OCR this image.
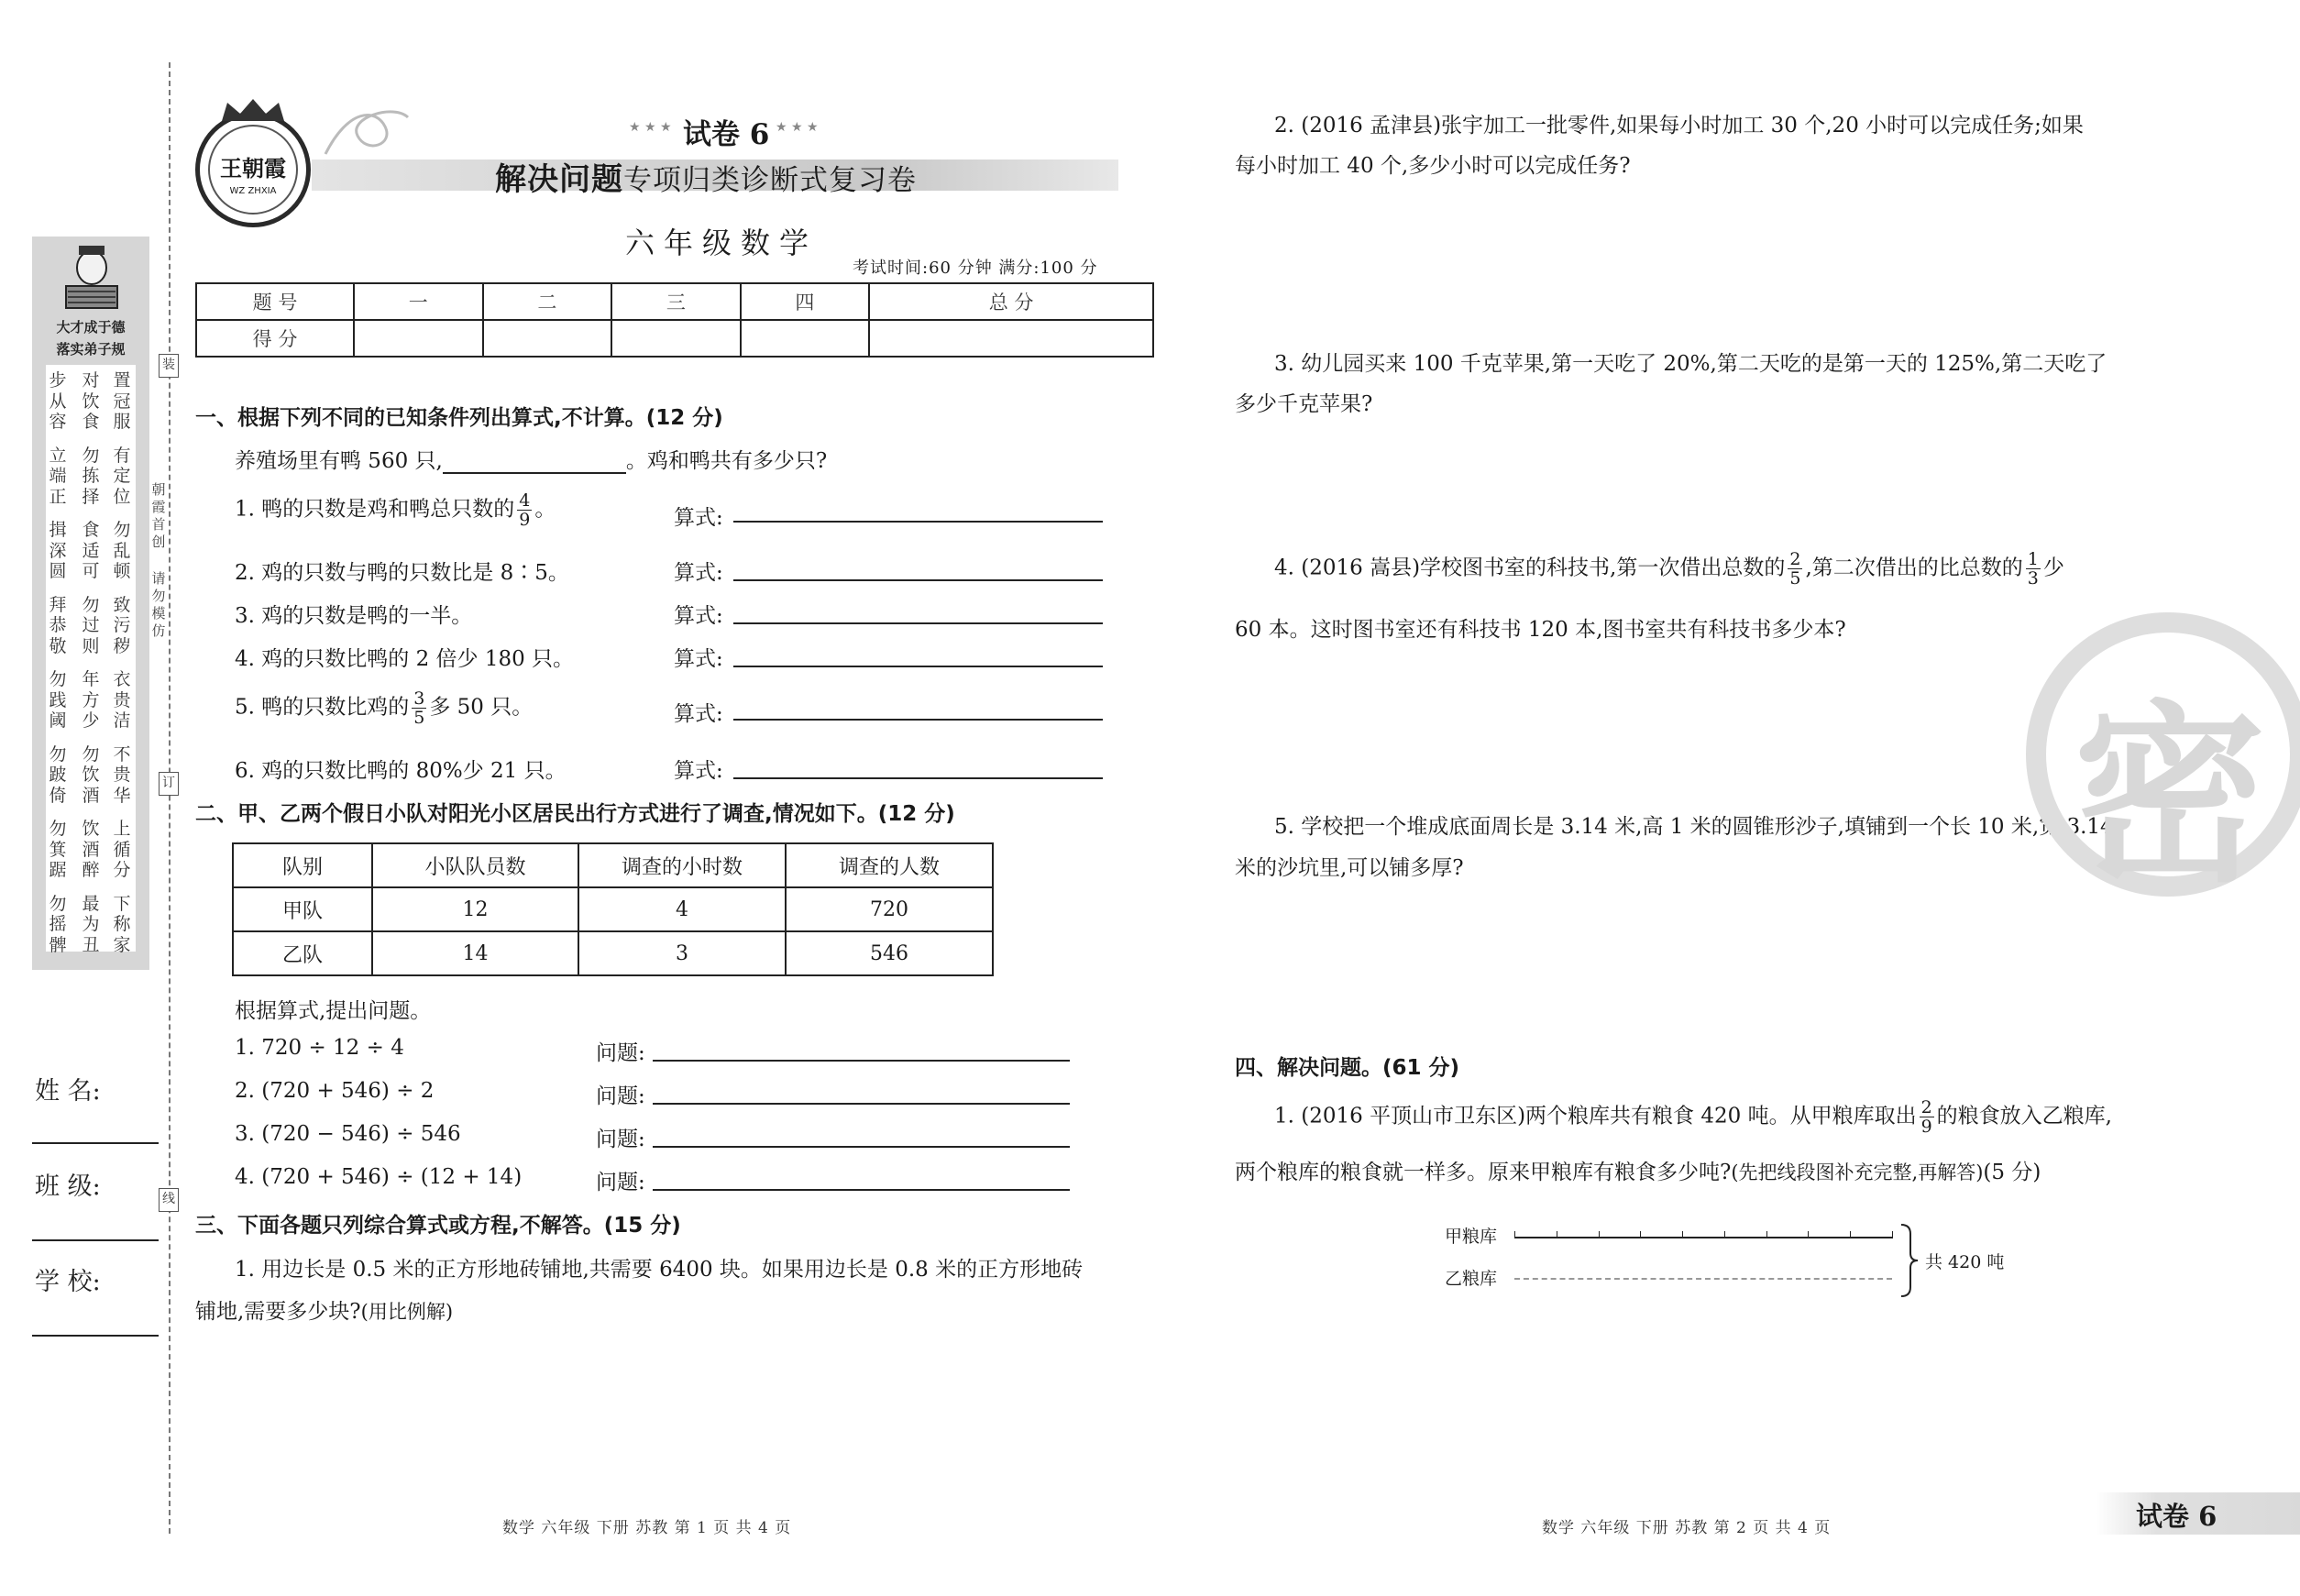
大才成于德
落实弟子规
步从容
立端正
揖深圆
拜恭敬
勿践阈
勿跛倚
勿箕踞
勿摇髀
对饮食
勿拣择
食适可
勿过则
年方少
勿饮酒
饮酒醉
最为丑
置冠服
有定位
勿乱顿
致污秽
衣贵洁
不贵华
上循分
下称家
装
朝霞首创
请勿模仿
订
线
姓 名:
班 级:
学 校:
王朝霞
WZ ZHXIA
★ ★ ★ 试卷 6 ★ ★ ★
解决问题专项归类诊断式复习卷
六年级数学
考试时间:60 分钟 满分:100 分
题 号	一	二	三	四	总 分
得 分					
一、根据下列不同的已知条件列出算式,不计算。(12 分)
养殖场里有鸭 560 只,	。鸡和鸭共有多少只?
1. 鸭的只数是鸡和鸭总只数的 $\frac{4}{9}$ 。
2. 鸡的只数与鸭的只数比是 8∶5。
3. 鸡的只数是鸭的一半。
4. 鸡的只数比鸭的 2 倍少 180 只。
5. 鸭的只数比鸡的 $\frac{3}{5}$ 多 50 只。
6. 鸡的只数比鸭的 80%少 21 只。
算式:
算式:
算式:
算式:
算式:
算式:
二、甲、乙两个假日小队对阳光小区居民出行方式进行了调查,情况如下。(12 分)
队别	小队队员数	调查的小时数	调查的人数
甲队	12	4	720
乙队	14	3	546
根据算式,提出问题。
1. 720 ÷ 12 ÷ 4
2. (720 + 546) ÷ 2
3. (720 − 546) ÷ 546
4. (720 + 546) ÷ (12 + 14)
问题:
问题:
问题:
问题:
三、下面各题只列综合算式或方程,不解答。(15 分)
1. 用边长是 0.5 米的正方形地砖铺地,共需要 6400 块。如果用边长是 0.8 米的正方形地砖
铺地,需要多少块?(用比例解)
2. (2016 孟津县)张宇加工一批零件,如果每小时加工 30 个,20 小时可以完成任务;如果
每小时加工 40 个,多少小时可以完成任务?
3. 幼儿园买来 100 千克苹果,第一天吃了 20%,第二天吃的是第一天的 125%,第二天吃了
多少千克苹果?
4. (2016 嵩县)学校图书室的科技书,第一次借出总数的 $\frac{2}{5}$ ,第二次借出的比总数的 $\frac{1}{3}$ 少
60 本。这时图书室还有科技书 120 本,图书室共有科技书多少本?
5. 学校把一个堆成底面周长是 3.14 米,高 1 米的圆锥形沙子,填铺到一个长 10 米,宽 3.14
米的沙坑里,可以铺多厚?
四、解决问题。(61 分)
1. (2016 平顶山市卫东区)两个粮库共有粮食 420 吨。从甲粮库取出 $\frac{2}{9}$ 的粮食放入乙粮库,
两个粮库的粮食就一样多。原来甲粮库有粮食多少吨?(先把线段图补充完整,再解答)(5 分)
甲粮库
乙粮库
共 420 吨
密
数学 六年级 下册 苏教 第 1 页 共 4 页	数学 六年级 下册 苏教 第 2 页 共 4 页	试卷 6
